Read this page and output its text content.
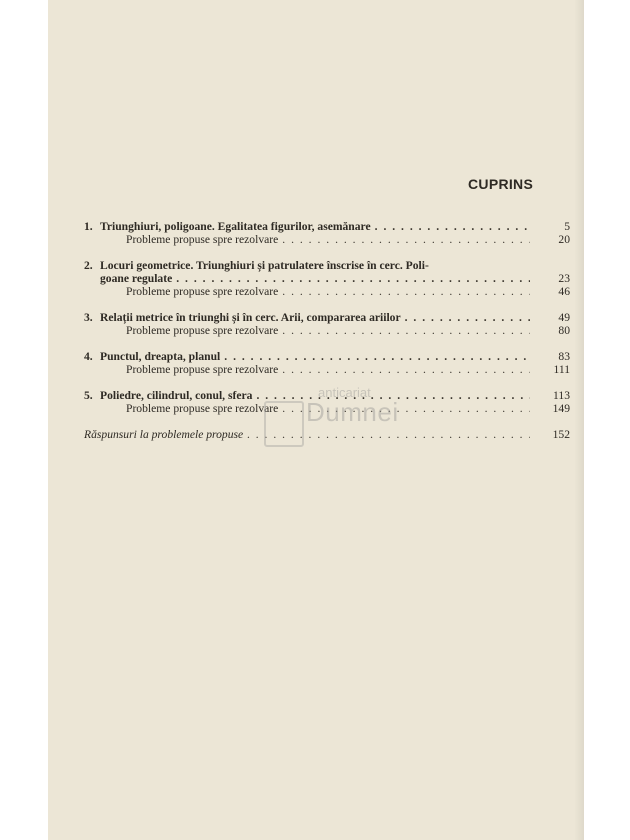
CUPRINS
1. Triunghiuri, poligoane. Egalitatea figurilor, asemănare . . .	5
Probleme propuse spre rezolvare . . .	20
2. Locuri geometrice. Triunghiuri și patrulatere înscrise în cerc. Poli-
goane regulate . . .	23
Probleme propuse spre rezolvare . . .	46
3. Relații metrice în triunghi și în cerc. Arii, compararea ariilor . . .	49
Probleme propuse spre rezolvare . . .	80
4. Punctul, dreapta, planul . . .	83
Probleme propuse spre rezolvare . . .	111
5. Poliedre, cilindrul, conul, sfera . . .	113
Probleme propuse spre rezolvare . . .	149
Răspunsuri la problemele propuse . . .	152
anticariat
Dumnei
